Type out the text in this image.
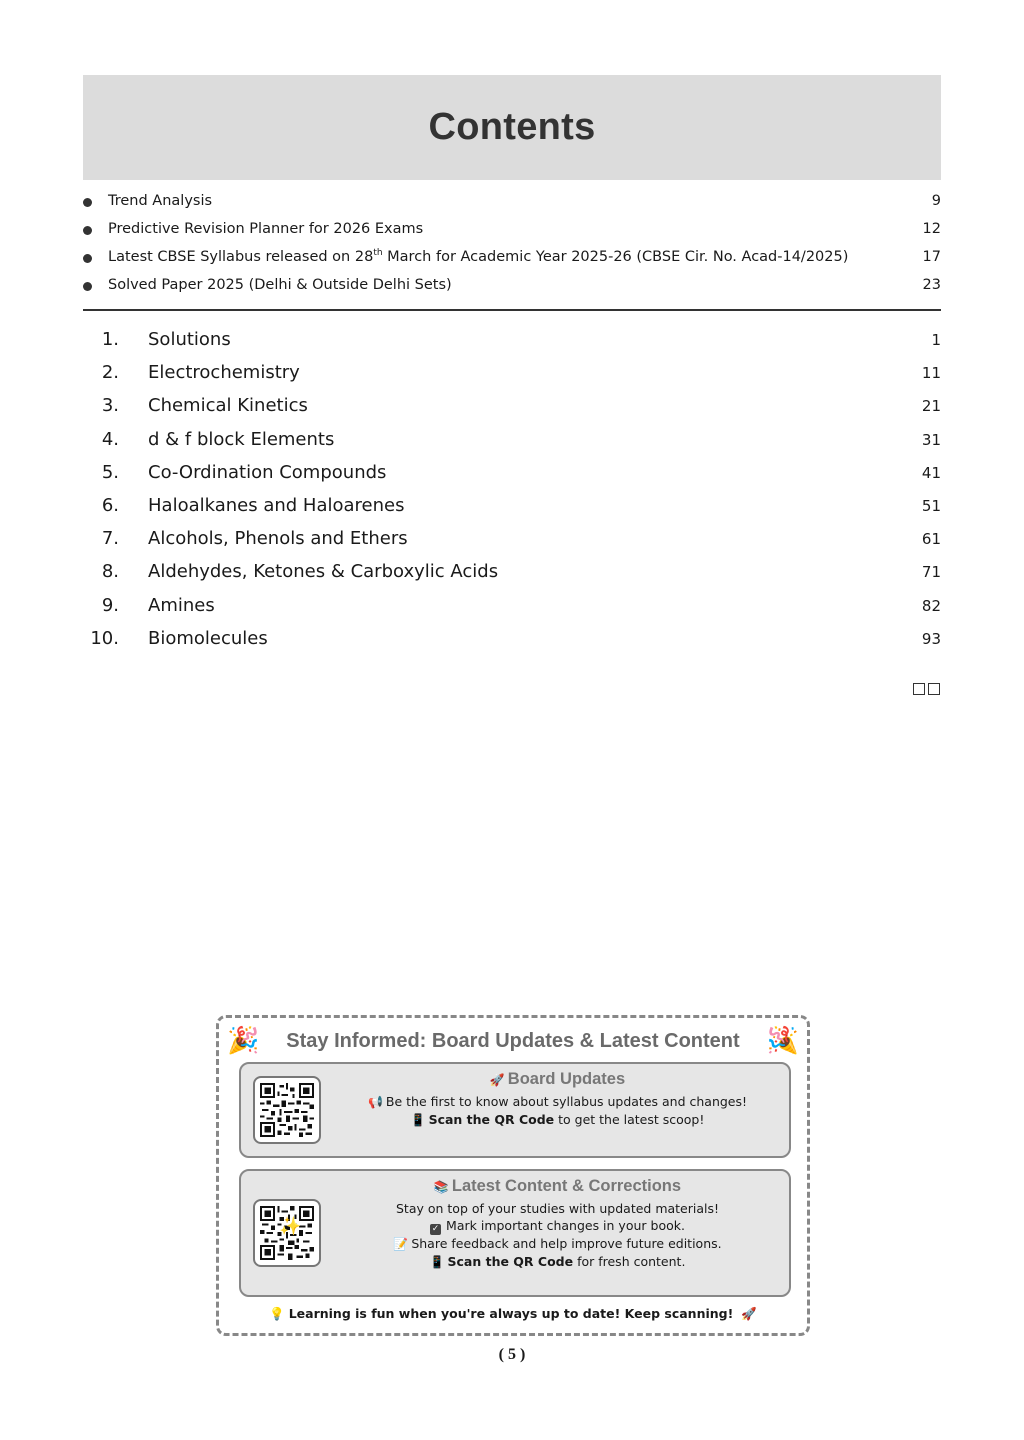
Contents
Trend Analysis	9
Predictive Revision Planner for 2026 Exams	12
Latest CBSE Syllabus released on 28th March for Academic Year 2025-26 (CBSE Cir. No. Acad-14/2025)	17
Solved Paper 2025 (Delhi & Outside Delhi Sets)	23
1. Solutions	1
2. Electrochemistry	11
3. Chemical Kinetics	21
4. d & f block Elements	31
5. Co-Ordination Compounds	41
6. Haloalkanes and Haloarenes	51
7. Alcohols, Phenols and Ethers	61
8. Aldehydes, Ketones & Carboxylic Acids	71
9. Amines	82
10. Biomolecules	93
🎉	Stay Informed: Board Updates & Latest Content	🎉
🚀 Board Updates
📢 Be the first to know about syllabus updates and changes!
📱 Scan the QR Code to get the latest scoop!
✨
📚 Latest Content & Corrections
Stay on top of your studies with updated materials!
✓ Mark important changes in your book.
📝 Share feedback and help improve future editions.
📱 Scan the QR Code for fresh content.
💡 Learning is fun when you're always up to date! Keep scanning! 🚀
( 5 )
